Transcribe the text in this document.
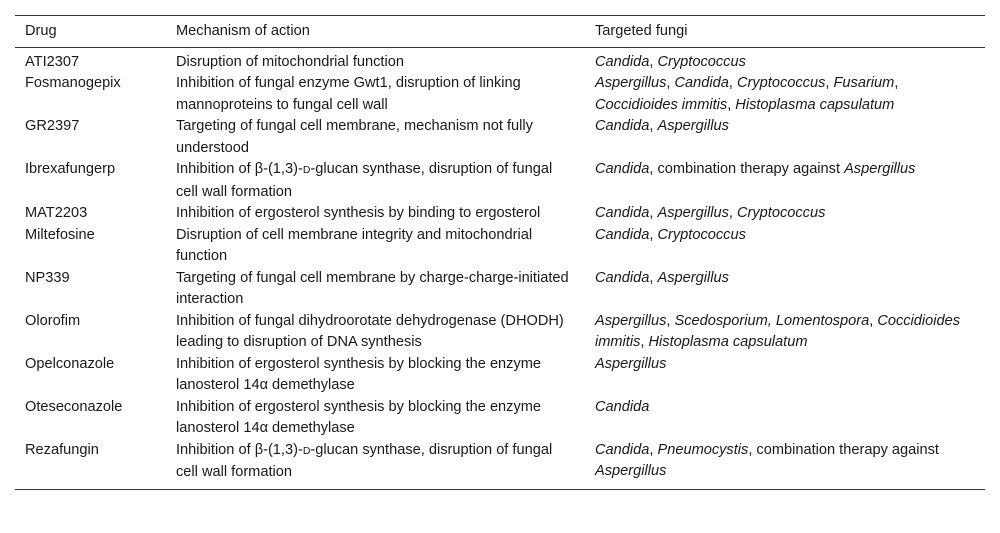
Drug	Mechanism of action	Targeted fungi
ATI2307	Disruption of mitochondrial function	Candida, Cryptococcus
Fosmanogepix	Inhibition of fungal enzyme Gwt1, disruption of linking mannoproteins to fungal cell wall	Aspergillus, Candida, Cryptococcus, Fusarium, Coccidioides immitis, Histoplasma capsulatum
GR2397	Targeting of fungal cell membrane, mechanism not fully understood	Candida, Aspergillus
Ibrexafungerp	Inhibition of β-(1,3)-D-glucan synthase, disruption of fungal cell wall formation	Candida, combination therapy against Aspergillus
MAT2203	Inhibition of ergosterol synthesis by binding to ergosterol	Candida, Aspergillus, Cryptococcus
Miltefosine	Disruption of cell membrane integrity and mitochondrial function	Candida, Cryptococcus
NP339	Targeting of fungal cell membrane by charge-charge-initiated interaction	Candida, Aspergillus
Olorofim	Inhibition of fungal dihydroorotate dehydrogenase (DHODH) leading to disruption of DNA synthesis	Aspergillus, Scedosporium, Lomentospora, Coccidioides immitis, Histoplasma capsulatum
Opelconazole	Inhibition of ergosterol synthesis by blocking the enzyme lanosterol 14α demethylase	Aspergillus
Oteseconazole	Inhibition of ergosterol synthesis by blocking the enzyme lanosterol 14α demethylase	Candida
Rezafungin	Inhibition of β-(1,3)-D-glucan synthase, disruption of fungal cell wall formation	Candida, Pneumocystis, combination therapy against Aspergillus
